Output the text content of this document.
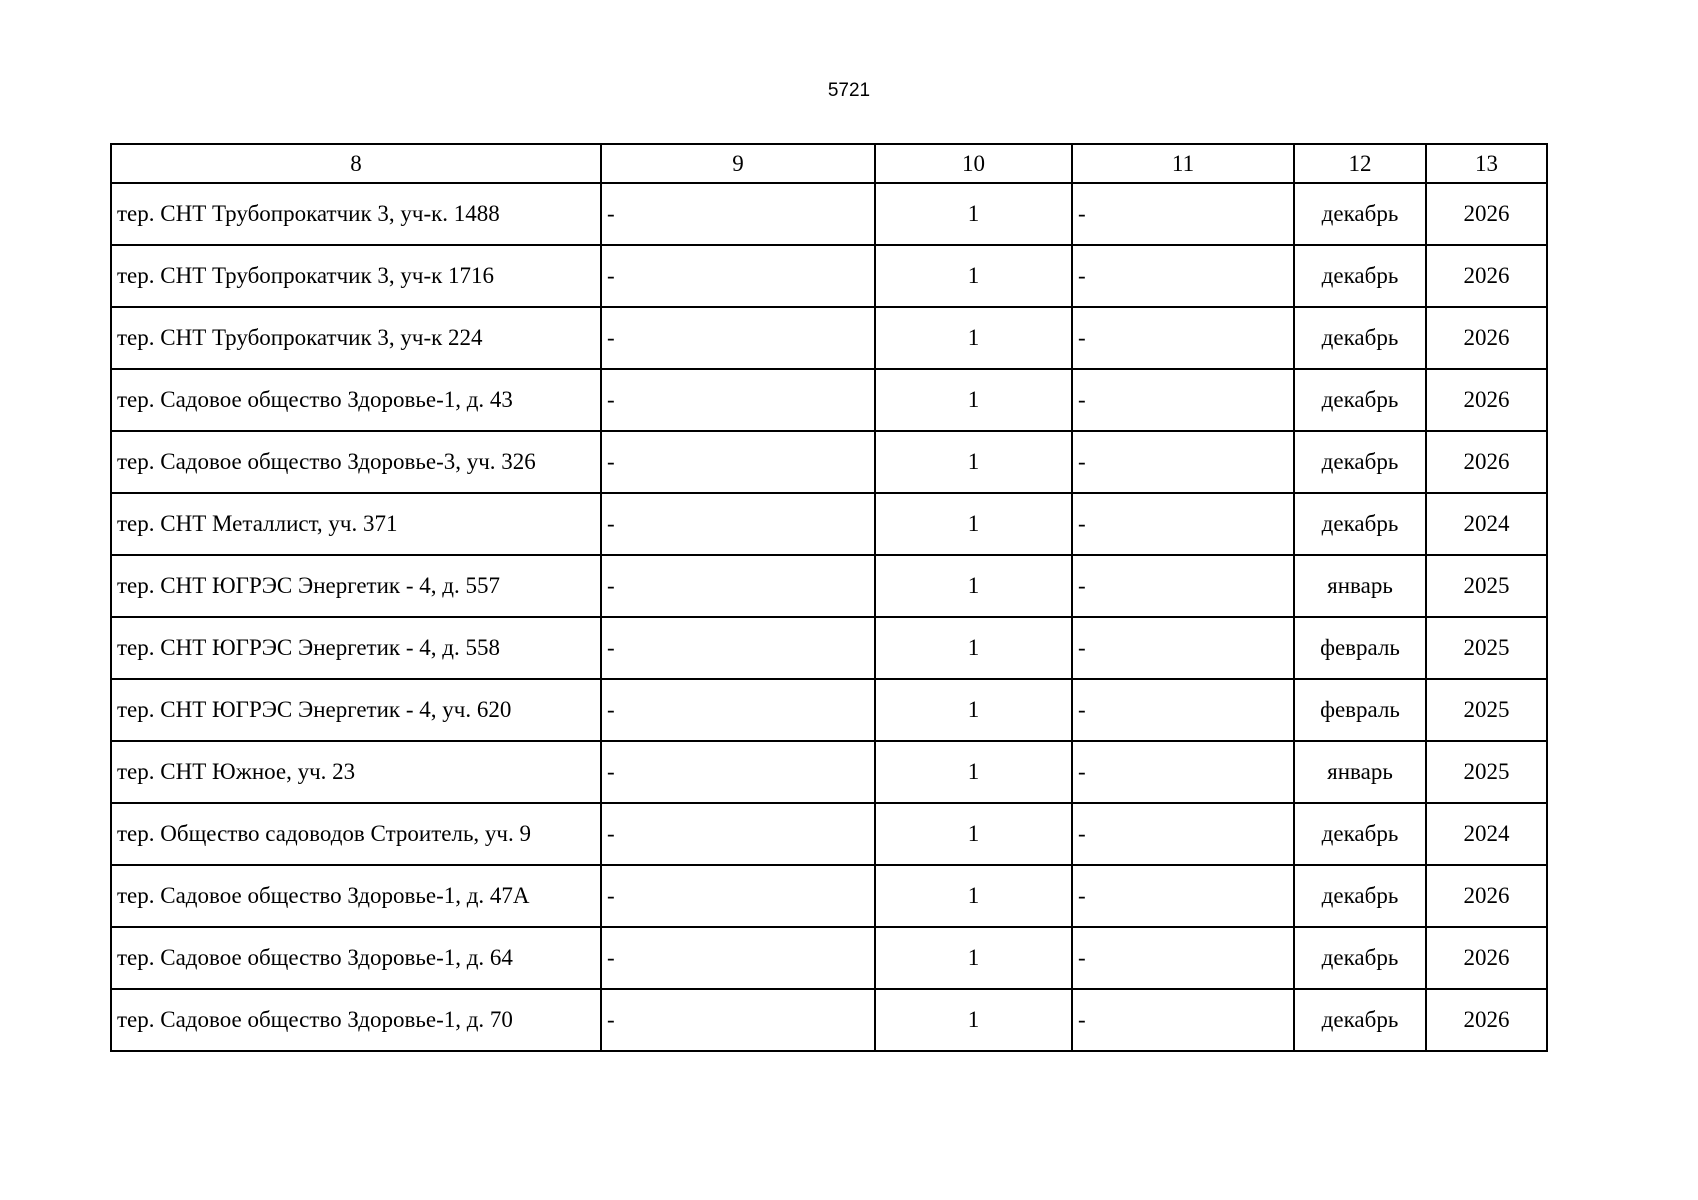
5721
8	9	10	11	12	13
тер. СНТ Трубопрокатчик 3, уч-к. 1488	-	1	-	декабрь	2026
тер. СНТ Трубопрокатчик 3, уч-к 1716	-	1	-	декабрь	2026
тер. СНТ Трубопрокатчик 3, уч-к 224	-	1	-	декабрь	2026
тер. Садовое общество Здоровье-1, д. 43	-	1	-	декабрь	2026
тер. Садовое общество Здоровье-3, уч. 326	-	1	-	декабрь	2026
тер. СНТ Металлист, уч. 371	-	1	-	декабрь	2024
тер. СНТ ЮГРЭС Энергетик - 4, д. 557	-	1	-	январь	2025
тер. СНТ ЮГРЭС Энергетик - 4, д. 558	-	1	-	февраль	2025
тер. СНТ ЮГРЭС Энергетик - 4, уч. 620	-	1	-	февраль	2025
тер. СНТ Южное, уч. 23	-	1	-	январь	2025
тер. Общество садоводов Строитель, уч. 9	-	1	-	декабрь	2024
тер. Садовое общество Здоровье-1, д. 47А	-	1	-	декабрь	2026
тер. Садовое общество Здоровье-1, д. 64	-	1	-	декабрь	2026
тер. Садовое общество Здоровье-1, д. 70	-	1	-	декабрь	2026
